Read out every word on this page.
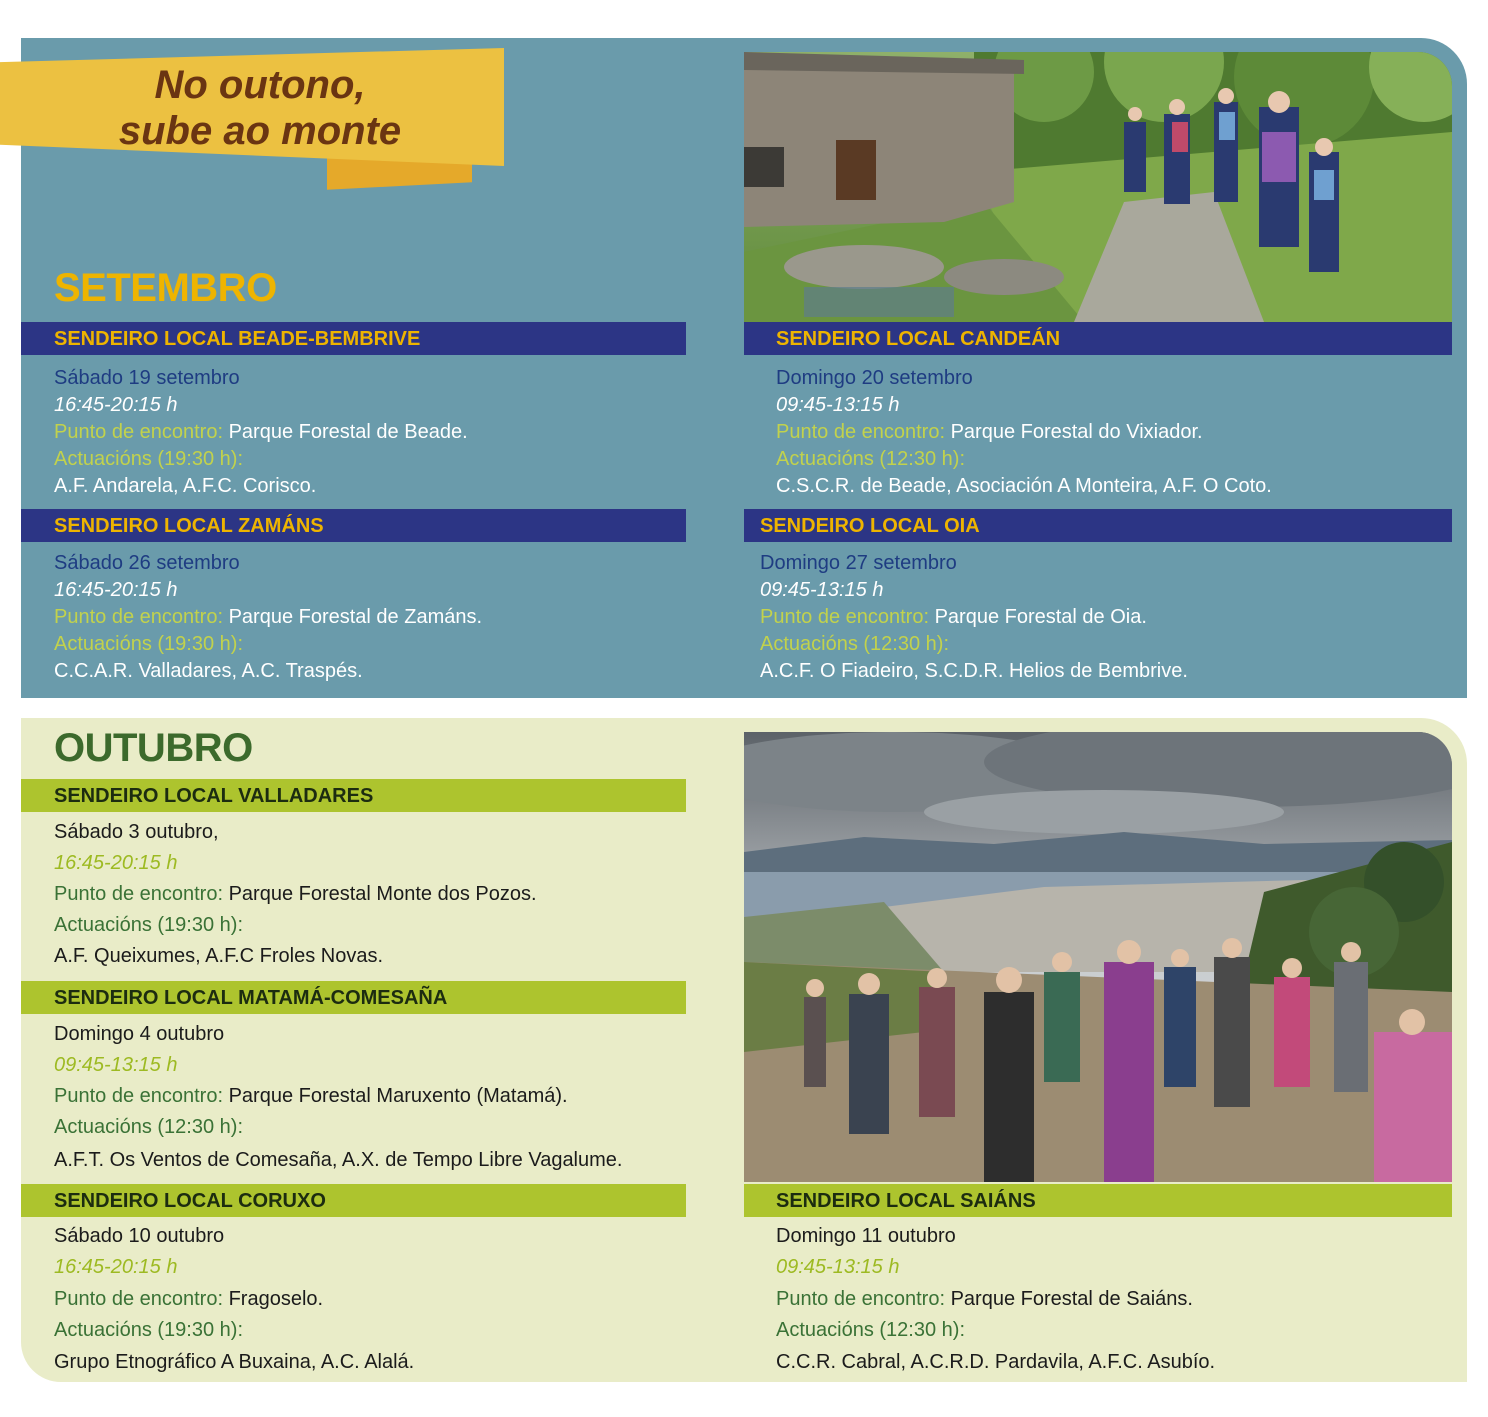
No outono,
sube ao monte
SETEMBRO
OUTUBRO
SENDEIRO LOCAL BEADE-BEMBRIVE
Sábado 19 setembro
16:45-20:15 h
Punto de encontro: Parque Forestal de Beade.
Actuacións (19:30 h):
A.F. Andarela, A.F.C. Corisco.
SENDEIRO LOCAL CANDEÁN
Domingo 20 setembro
09:45-13:15 h
Punto de encontro: Parque Forestal do Vixiador.
Actuacións (12:30 h):
C.S.C.R. de Beade, Asociación A Monteira, A.F. O Coto.
SENDEIRO LOCAL ZAMÁNS
Sábado 26 setembro
16:45-20:15 h
Punto de encontro: Parque Forestal de Zamáns.
Actuacións (19:30 h):
C.C.A.R. Valladares, A.C. Traspés.
SENDEIRO LOCAL OIA
Domingo 27 setembro
09:45-13:15 h
Punto de encontro: Parque Forestal de Oia.
Actuacións (12:30 h):
A.C.F. O Fiadeiro, S.C.D.R. Helios de Bembrive.
SENDEIRO LOCAL VALLADARES
Sábado 3 outubro,
16:45-20:15 h
Punto de encontro: Parque Forestal Monte dos Pozos.
Actuacións (19:30 h):
A.F. Queixumes, A.F.C Froles Novas.
SENDEIRO LOCAL MATAMÁ-COMESAÑA
Domingo 4 outubro
09:45-13:15 h
Punto de encontro: Parque Forestal Maruxento (Matamá).
Actuacións (12:30 h):
A.F.T. Os Ventos de Comesaña, A.X. de Tempo Libre Vagalume.
SENDEIRO LOCAL CORUXO
Sábado 10 outubro
16:45-20:15 h
Punto de encontro: Fragoselo.
Actuacións (19:30 h):
Grupo Etnográfico A Buxaina, A.C. Alalá.
SENDEIRO LOCAL SAIÁNS
Domingo 11 outubro
09:45-13:15 h
Punto de encontro: Parque Forestal de Saiáns.
Actuacións (12:30 h):
C.C.R. Cabral, A.C.R.D. Pardavila, A.F.C. Asubío.
